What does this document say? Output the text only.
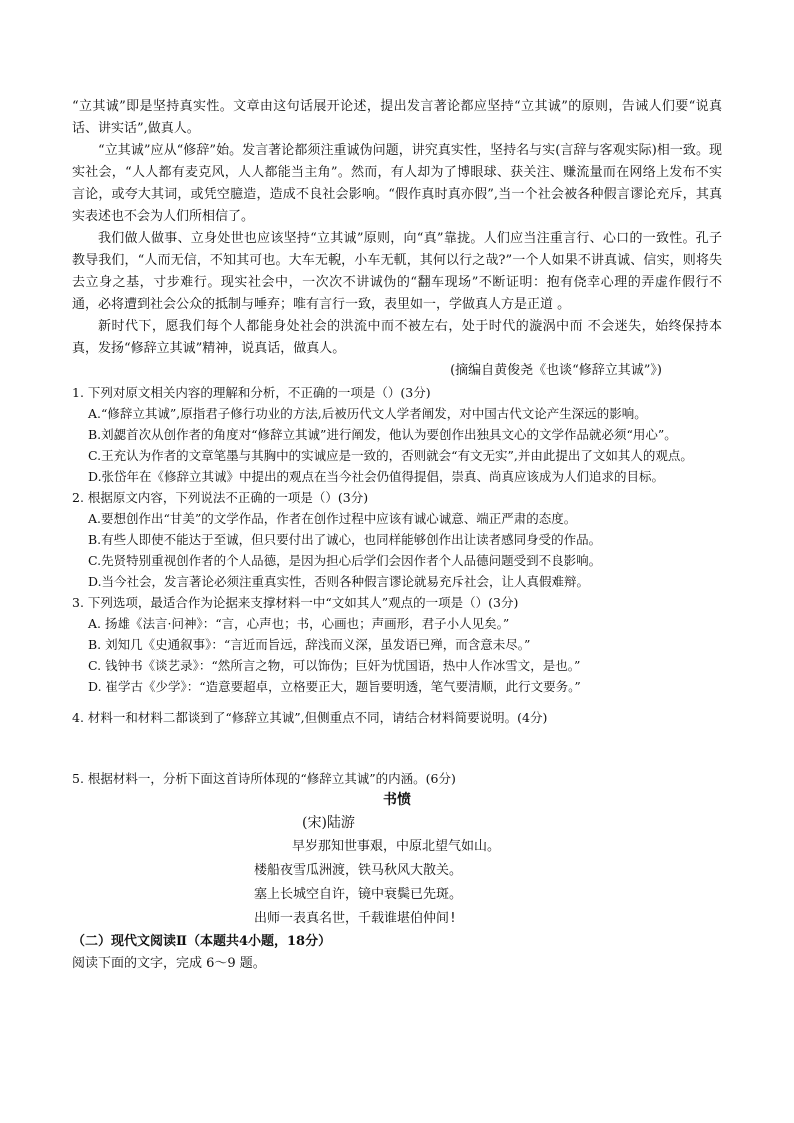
“立其诚”即是坚持真实性。文章由这句话展开论述，提出发言著论都应坚持“立其诚”的原则，告诫人们要“说真话、讲实话”,做真人。

“立其诚”应从“修辞”始。发言著论都须注重诚伪问题，讲究真实性，坚持名与实(言辞与客观实际)相一致。现实社会，“人人都有麦克风，人人都能当主角”。然而，有人却为了博眼球、获关注、赚流量而在网络上发布不实言论，或夸大其词，或凭空臆造，造成不良社会影响。“假作真时真亦假”,当一个社会被各种假言谬论充斥，其真实表述也不会为人们所相信了。

我们做人做事、立身处世也应该坚持“立其诚”原则，向“真”靠拢。人们应当注重言行、心口的一致性。孔子教导我们，“人而无信，不知其可也。大车无輗，小车无軏，其何以行之哉?”一个人如果不讲真诚、信实，则将失去立身之基，寸步难行。现实社会中，一次次不讲诚伪的“翻车现场”不断证明：抱有侥幸心理的弄虚作假行不通，必将遭到社会公众的抵制与唾弃；唯有言行一致，表里如一，学做真人方是正道 。

新时代下，愿我们每个人都能身处社会的洪流中而不被左右，处于时代的漩涡中而 不会迷失，始终保持本真，发扬“修辞立其诚”精神，说真话，做真人。

(摘编自黄俊尧《也谈“修辞立其诚”》)

1. 下列对原文相关内容的理解和分析，不正确的一项是（）(3分)

A.“修辞立其诚”,原指君子修行功业的方法,后被历代文人学者阐发，对中国古代文论产生深远的影响。

B.刘勰首次从创作者的角度对“修辞立其诚”进行阐发，他认为要创作出独具文心的文学作品就必须“用心”。

C.王充认为作者的文章笔墨与其胸中的实诚应是一致的，否则就会“有文无实”,并由此提出了文如其人的观点。

D.张岱年在《修辞立其诚》中提出的观点在当今社会仍值得提倡，崇真、尚真应该成为人们追求的目标。

2. 根据原文内容，下列说法不正确的一项是（）(3分)

A.要想创作出“甘美”的文学作品，作者在创作过程中应该有诚心诚意、端正严肃的态度。

B.有些人即使不能达于至诚，但只要付出了诚心，也同样能够创作出让读者感同身受的作品。

C.先贤特别重视创作者的个人品德，是因为担心后学们会因作者个人品德问题受到不良影响。

D.当今社会，发言著论必须注重真实性，否则各种假言谬论就易充斥社会，让人真假难辩。

3. 下列选项，最适合作为论据来支撑材料一中“文如其人”观点的一项是（）(3分)

A. 扬雄《法言·问神》：“言，心声也；书，心画也；声画形，君子小人见矣。”

B. 刘知几《史通叙事》：“言近而旨远，辞浅而义深，虽发语已殚，而含意未尽。”

C. 钱钟书《谈艺录》：“然所言之物，可以饰伪；巨奸为忧国语，热中人作冰雪文，是也。”

D. 崔学古《少学》：“造意要超卓，立格要正大，题旨要明透，笔气要清顺，此行文要务。”

4. 材料一和材料二都谈到了“修辞立其诚”,但侧重点不同，请结合材料简要说明。(4分)

5. 根据材料一，分析下面这首诗所体现的“修辞立其诚”的内涵。(6分)

书愤

(宋)陆游

早岁那知世事艰，中原北望气如山。

楼船夜雪瓜洲渡，铁马秋风大散关。

塞上长城空自许，镜中衰鬓已先斑。

出师一表真名世，千载谁堪伯仲间!

（二）现代文阅读Ⅱ（本题共4小题，18分）

阅读下面的文字，完成 6～9 题。
